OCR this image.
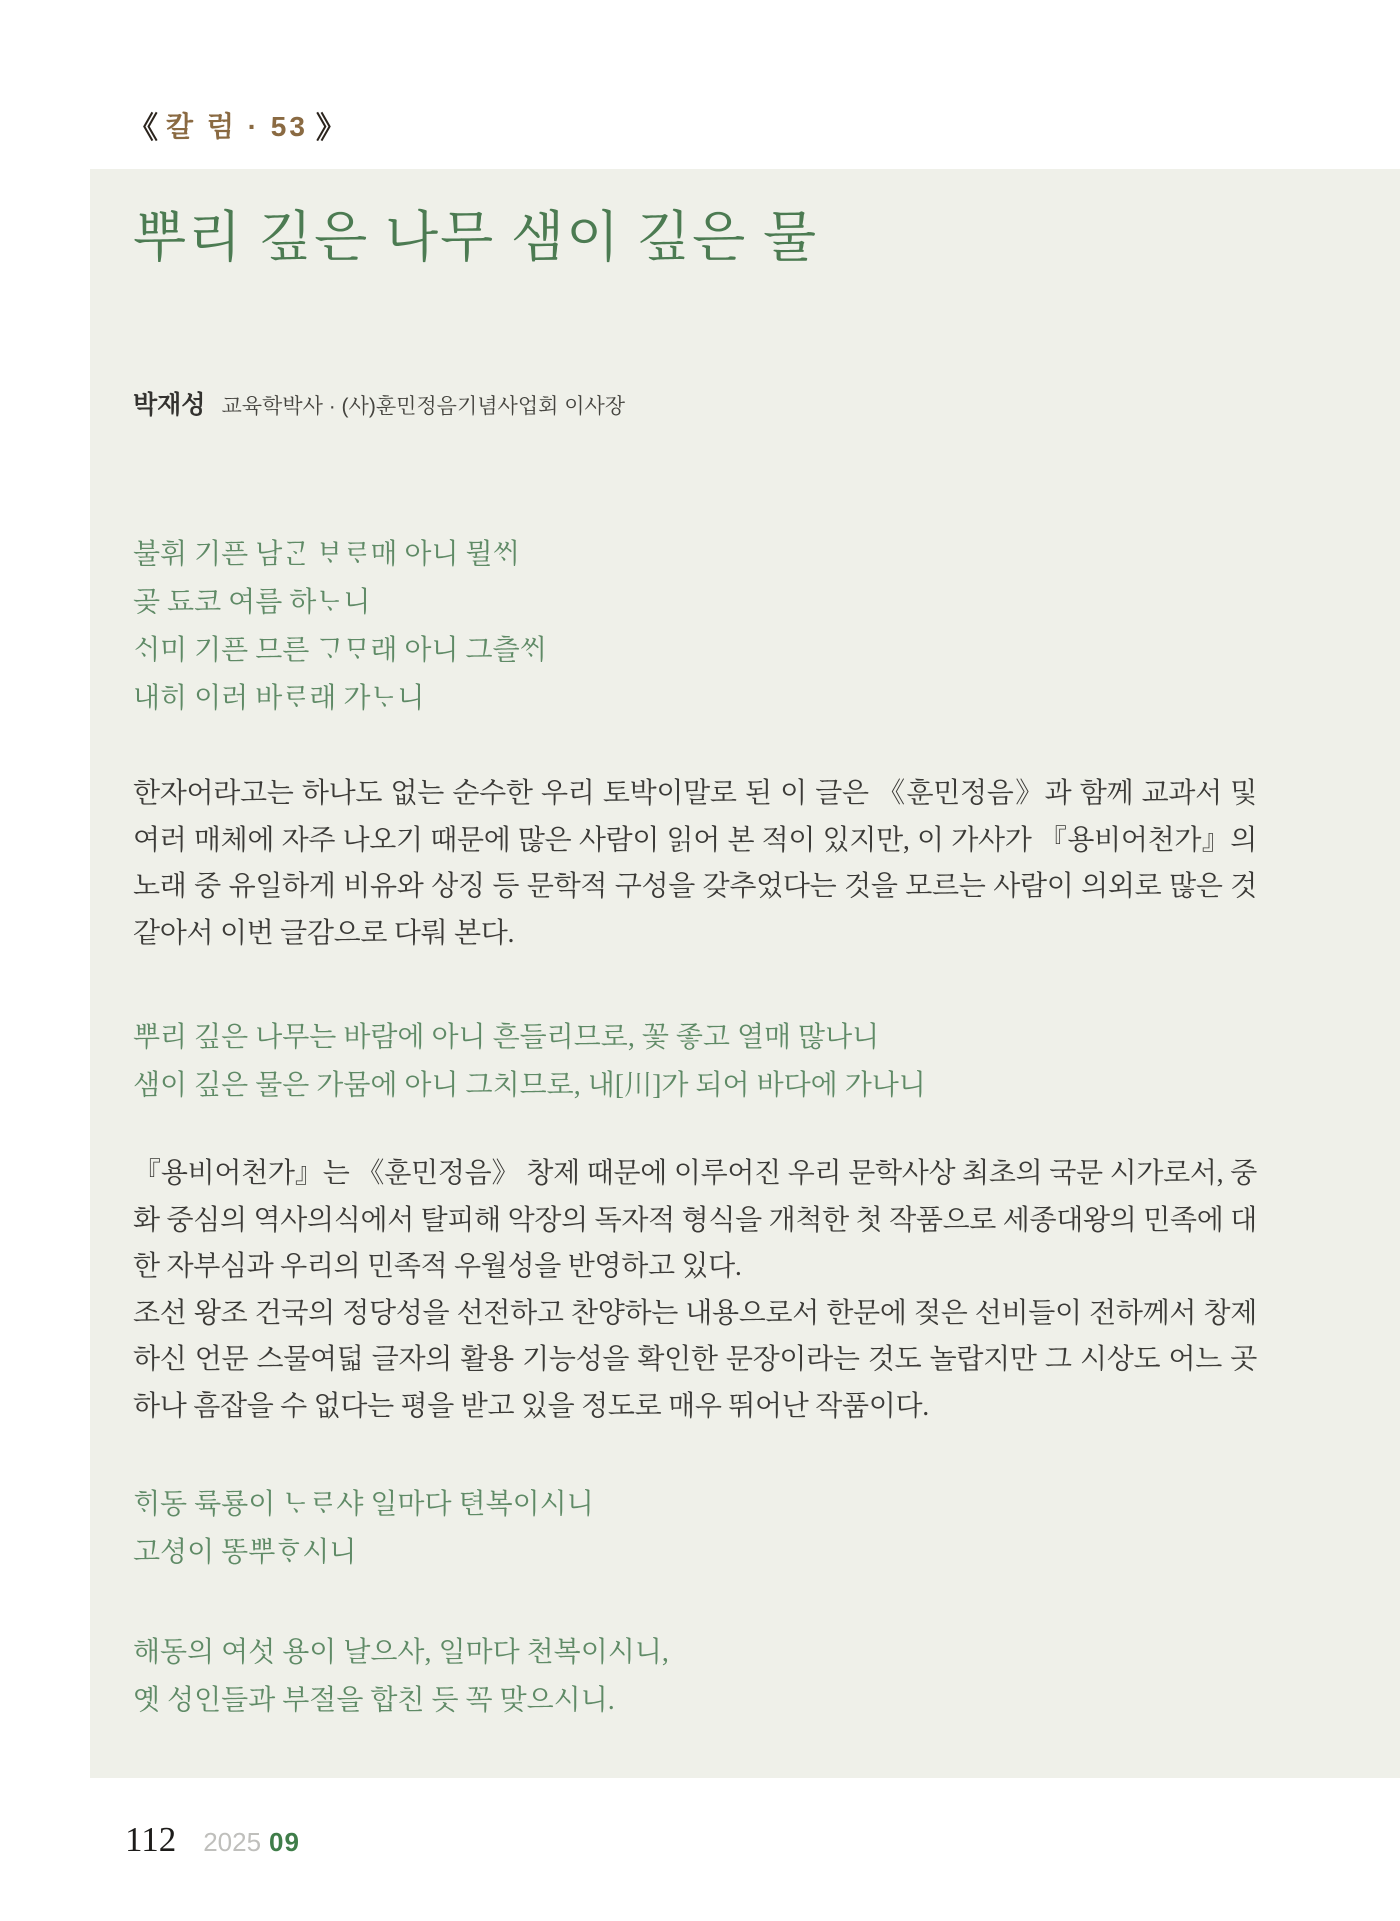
《 칼 럼 · 53 》
뿌리 깊은 나무 샘이 깊은 물
박재성 교육학박사 · (사)훈민정음기념사업회 이사장
불휘 기픈 남ᄀᆞᆫ ᄇᆞᄅᆞ매 아니 뮐ᄊᆡ
곶 됴코 여름 하ᄂᆞ니
ᄉᆡ미 기픈 므른 ᄀᆞᄆᆞ래 아니 그츨ᄊᆡ
내히 이러 바ᄅᆞ래 가ᄂᆞ니

한자어라고는 하나도 없는 순수한 우리 토박이말로 된 이 글은 《훈민정음》과 함께 교과서 및 여러 매체에 자주 나오기 때문에 많은 사람이 읽어 본 적이 있지만, 이 가사가 『용비어천가』의 노래 중 유일하게 비유와 상징 등 문학적 구성을 갖추었다는 것을 모르는 사람이 의외로 많은 것 같아서 이번 글감으로 다뤄 본다.

뿌리 깊은 나무는 바람에 아니 흔들리므로, 꽃 좋고 열매 많나니
샘이 깊은 물은 가뭄에 아니 그치므로, 내[川]가 되어 바다에 가나니

『용비어천가』는 《훈민정음》 창제 때문에 이루어진 우리 문학사상 최초의 국문 시가로서, 중화 중심의 역사의식에서 탈피해 악장의 독자적 형식을 개척한 첫 작품으로 세종대왕의 민족에 대한 자부심과 우리의 민족적 우월성을 반영하고 있다.

조선 왕조 건국의 정당성을 선전하고 찬양하는 내용으로서 한문에 젖은 선비들이 전하께서 창제하신 언문 스물여덟 글자의 활용 기능성을 확인한 문장이라는 것도 놀랍지만 그 시상도 어느 곳 하나 흠잡을 수 없다는 평을 받고 있을 정도로 매우 뛰어난 작품이다.

ᄒᆡ동 륙룡이 ᄂᆞᄅᆞ샤 일마다 텬복이시니
고셩이 똥뿌ᄒᆞ시니
해동의 여섯 용이 날으사, 일마다 천복이시니,
옛 성인들과 부절을 합친 듯 꼭 맞으시니.
112 2025 09
